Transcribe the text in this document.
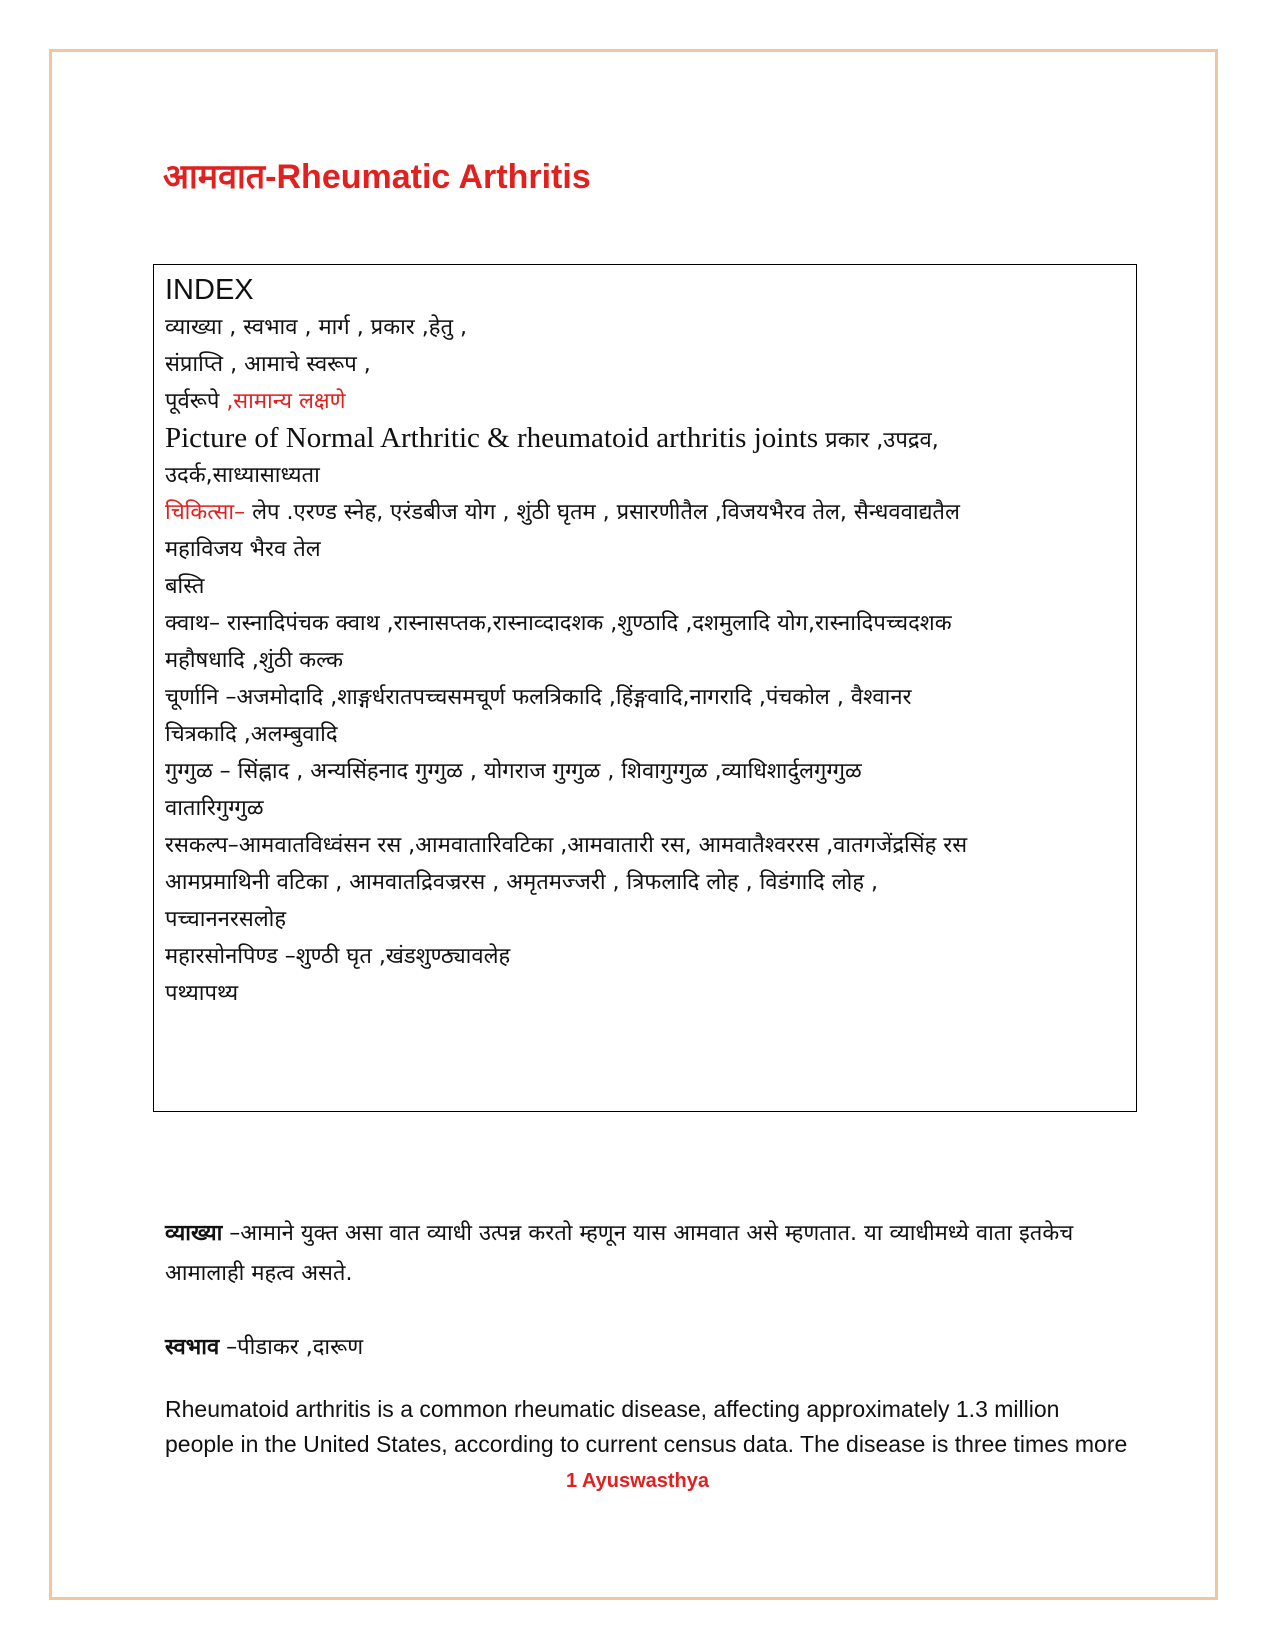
आमवात-Rheumatic Arthritis
INDEX
व्याख्या , स्वभाव , मार्ग , प्रकार ,हेतु ,
संप्राप्ति , आमाचे स्वरूप ,
पूर्वरूपे ,सामान्य लक्षणे
Picture of Normal Arthritic & rheumatoid arthritis joints प्रकार ,उपद्रव,
उदर्क,साध्यासाध्यता
चिकित्सा– लेप .एरण्ड स्नेह, एरंडबीज योग , शुंठी घृतम , प्रसारणीतैल ,विजयभैरव तेल, सैन्धववाद्यतैल
महाविजय भैरव तेल
बस्ति
क्वाथ– रास्नादिपंचक क्वाथ ,रास्नासप्तक,रास्नाव्दादशक ,शुण्ठादि ,दशमुलादि योग,रास्नादिपच्चदशक
महौषधादि ,शुंठी कल्क
चूर्णानि –अजमोदादि ,शाङ्गर्धरातपच्चसमचूर्ण फलत्रिकादि ,हिंङ्गवादि,नागरादि ,पंचकोल , वैश्वानर
चित्रकादि ,अलम्बुवादि
गुग्गुळ – सिंह्नाद , अन्यसिंहनाद गुग्गुळ , योगराज गुग्गुळ , शिवागुग्गुळ ,व्याधिशार्दुलगुग्गुळ
वातारिगुग्गुळ
रसकल्प–आमवातविध्वंसन रस ,आमवातारिवटिका ,आमवातारी रस, आमवातैश्वररस ,वातगजेंद्रसिंह रस
आमप्रमाथिनी वटिका , आमवातद्रिवज्ररस , अमृतमज्जरी , त्रिफलादि लोह , विडंगादि लोह ,
पच्चाननरसलोह
महारसोनपिण्ड –शुण्ठी घृत ,खंडशुण्ठ्यावलेह
पथ्यापथ्य
व्याख्या –आमाने युक्त असा वात व्याधी उत्पन्न करतो म्हणून यास आमवात असे म्हणतात. या व्याधीमध्ये वाता इतकेच आमालाही महत्व असते.
स्वभाव –पीडाकर ,दारूण
Rheumatoid arthritis is a common rheumatic disease, affecting approximately 1.3 million
people in the United States, according to current census data. The disease is three times more
1 Ayuswasthya
